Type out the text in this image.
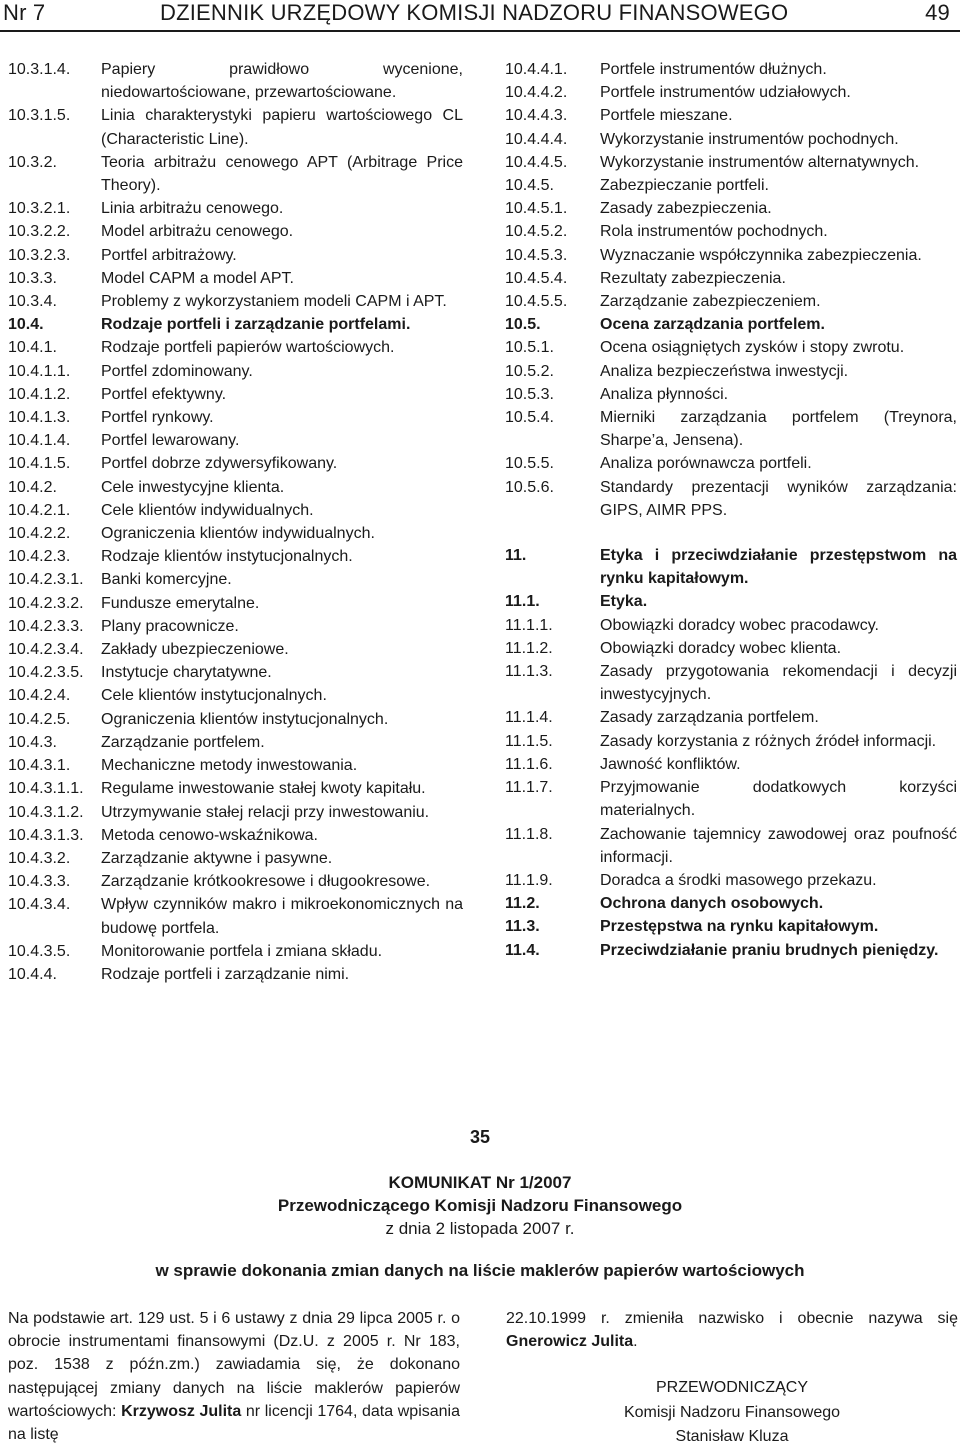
Nr 7	DZIENNIK URZĘDOWY KOMISJI NADZORU FINANSOWEGO	49
10.3.1.4. Papiery prawidłowo wycenione, niedowartościowane, przewartościowane.
10.3.1.5. Linia charakterystyki papieru wartościowego CL (Characteristic Line).
10.3.2.	Teoria arbitrażu cenowego APT (Arbitrage Price Theory).
10.3.2.1. Linia arbitrażu cenowego.
10.3.2.2. Model arbitrażu cenowego.
10.3.2.3. Portfel arbitrażowy.
10.3.3.	Model CAPM a model APT.
10.3.4.	Problemy z wykorzystaniem modeli CAPM i APT.
10.4.	Rodzaje portfeli i zarządzanie portfelami.
10.4.1.	Rodzaje portfeli papierów wartościowych.
10.4.1.1. Portfel zdominowany.
10.4.1.2. Portfel efektywny.
10.4.1.3. Portfel rynkowy.
10.4.1.4. Portfel lewarowany.
10.4.1.5. Portfel dobrze zdywersyfikowany.
10.4.2.	Cele inwestycyjne klienta.
10.4.2.1. Cele klientów indywidualnych.
10.4.2.2. Ograniczenia klientów indywidualnych.
10.4.2.3. Rodzaje klientów instytucjonalnych.
10.4.2.3.1. Banki komercyjne.
10.4.2.3.2. Fundusze emerytalne.
10.4.2.3.3. Plany pracownicze.
10.4.2.3.4. Zakłady ubezpieczeniowe.
10.4.2.3.5. Instytucje charytatywne.
10.4.2.4. Cele klientów instytucjonalnych.
10.4.2.5. Ograniczenia klientów instytucjonalnych.
10.4.3.	Zarządzanie portfelem.
10.4.3.1. Mechaniczne metody inwestowania.
10.4.3.1.1. Regulame inwestowanie stałej kwoty kapitału.
10.4.3.1.2. Utrzymywanie stałej relacji przy inwestowaniu.
10.4.3.1.3. Metoda cenowo-wskaźnikowa.
10.4.3.2. Zarządzanie aktywne i pasywne.
10.4.3.3. Zarządzanie krótkookresowe i długookresowe.
10.4.3.4. Wpływ czynników makro i mikroekonomicznych na budowę portfela.
10.4.3.5. Monitorowanie portfela i zmiana składu.
10.4.4.	Rodzaje portfeli i zarządzanie nimi.
10.4.4.1. Portfele instrumentów dłużnych.
10.4.4.2. Portfele instrumentów udziałowych.
10.4.4.3. Portfele mieszane.
10.4.4.4. Wykorzystanie instrumentów pochodnych.
10.4.4.5. Wykorzystanie instrumentów alternatywnych.
10.4.5.	Zabezpieczanie portfeli.
10.4.5.1. Zasady zabezpieczenia.
10.4.5.2. Rola instrumentów pochodnych.
10.4.5.3. Wyznaczanie współczynnika zabezpieczenia.
10.4.5.4. Rezultaty zabezpieczenia.
10.4.5.5. Zarządzanie zabezpieczeniem.
10.5.	Ocena zarządzania portfelem.
10.5.1.	Ocena osiągniętych zysków i stopy zwrotu.
10.5.2.	Analiza bezpieczeństwa inwestycji.
10.5.3.	Analiza płynności.
10.5.4.	Mierniki zarządzania portfelem (Treynora, Sharpe’a, Jensena).
10.5.5.	Analiza porównawcza portfeli.
10.5.6.	Standardy prezentacji wyników zarządzania: GIPS, AIMR PPS.
11.	Etyka i przeciwdziałanie przestępstwom na rynku kapitałowym.
11.1.	Etyka.
11.1.1.	Obowiązki doradcy wobec pracodawcy.
11.1.2.	Obowiązki doradcy wobec klienta.
11.1.3.	Zasady przygotowania rekomendacji i decyzji inwestycyjnych.
11.1.4.	Zasady zarządzania portfelem.
11.1.5.	Zasady korzystania z różnych źródeł informacji.
11.1.6.	Jawność konfliktów.
11.1.7.	Przyjmowanie dodatkowych korzyści materialnych.
11.1.8.	Zachowanie tajemnicy zawodowej oraz poufność informacji.
11.1.9.	Doradca a środki masowego przekazu.
11.2.	Ochrona danych osobowych.
11.3.	Przestępstwa na rynku kapitałowym.
11.4.	Przeciwdziałanie praniu brudnych pieniędzy.
35
KOMUNIKAT Nr 1/2007
Przewodniczącego Komisji Nadzoru Finansowego
z dnia 2 listopada 2007 r.
w sprawie dokonania zmian danych na liście maklerów papierów wartościowych
Na podstawie art. 129 ust. 5 i 6 ustawy z dnia 29 lipca 2005 r. o obrocie instrumentami finansowymi (Dz.U. z 2005 r. Nr 183, poz. 1538 z późn.zm.) zawiadamia się, że dokonano następującej zmiany danych na liście maklerów papierów wartościowych: Krzywosz Julita nr licencji 1764, data wpisania na listę
22.10.1999 r. zmieniła nazwisko i obecnie nazywa się Gnerowicz Julita.
PRZEWODNICZĄCY
Komisji Nadzoru Finansowego
Stanisław Kluza
